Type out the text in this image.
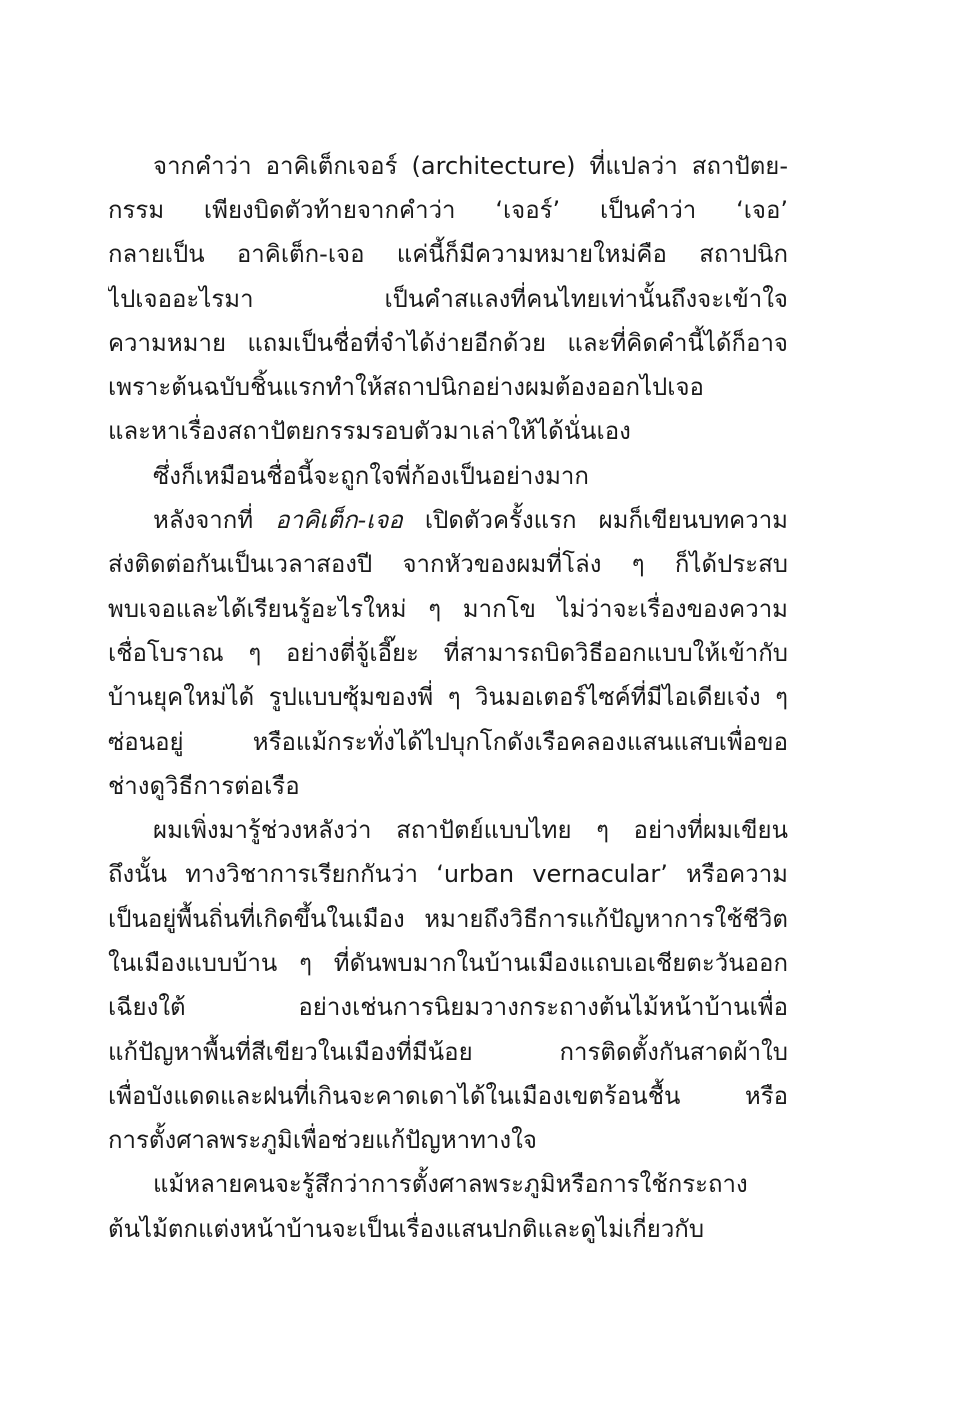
จากคำว่า อาคิเต็กเจอร์ (architecture) ที่แปลว่า สถาปัตย-
กรรม เพียงบิดตัวท้ายจากคำว่า ‘เจอร์’ เป็นคำว่า ‘เจอ’
กลายเป็น อาคิเต็ก-เจอ แค่นี้ก็มีความหมายใหม่คือ สถาปนิก
ไปเจออะไรมา เป็นคำสแลงที่คนไทยเท่านั้นถึงจะเข้าใจ
ความหมาย แถมเป็นชื่อที่จำได้ง่ายอีกด้วย และที่คิดคำนี้ได้ก็อาจ
เพราะต้นฉบับชิ้นแรกทำให้สถาปนิกอย่างผมต้องออกไปเจอ
และหาเรื่องสถาปัตยกรรมรอบตัวมาเล่าให้ได้นั่นเอง
ซึ่งก็เหมือนชื่อนี้จะถูกใจพี่ก้องเป็นอย่างมาก
หลังจากที่ อาคิเต็ก-เจอ เปิดตัวครั้งแรก ผมก็เขียนบทความ
ส่งติดต่อกันเป็นเวลาสองปี จากหัวของผมที่โล่ง ๆ ก็ได้ประสบ
พบเจอและได้เรียนรู้อะไรใหม่ ๆ มากโข ไม่ว่าจะเรื่องของความ
เชื่อโบราณ ๆ อย่างตี่จู้เอี๊ยะ ที่สามารถบิดวิธีออกแบบให้เข้ากับ
บ้านยุคใหม่ได้ รูปแบบซุ้มของพี่ ๆ วินมอเตอร์ไซค์ที่มีไอเดียเจ๋ง ๆ
ซ่อนอยู่ หรือแม้กระทั่งได้ไปบุกโกดังเรือคลองแสนแสบเพื่อขอ
ช่างดูวิธีการต่อเรือ
ผมเพิ่งมารู้ช่วงหลังว่า สถาปัตย์แบบไทย ๆ อย่างที่ผมเขียน
ถึงนั้น ทางวิชาการเรียกกันว่า ‘urban vernacular’ หรือความ
เป็นอยู่พื้นถิ่นที่เกิดขึ้นในเมือง หมายถึงวิธีการแก้ปัญหาการใช้ชีวิต
ในเมืองแบบบ้าน ๆ ที่ดันพบมากในบ้านเมืองแถบเอเชียตะวันออก
เฉียงใต้ อย่างเช่นการนิยมวางกระถางต้นไม้หน้าบ้านเพื่อ
แก้ปัญหาพื้นที่สีเขียวในเมืองที่มีน้อย การติดตั้งกันสาดผ้าใบ
เพื่อบังแดดและฝนที่เกินจะคาดเดาได้ในเมืองเขตร้อนชื้น หรือ
การตั้งศาลพระภูมิเพื่อช่วยแก้ปัญหาทางใจ
แม้หลายคนจะรู้สึกว่าการตั้งศาลพระภูมิหรือการใช้กระถาง
ต้นไม้ตกแต่งหน้าบ้านจะเป็นเรื่องแสนปกติและดูไม่เกี่ยวกับ
